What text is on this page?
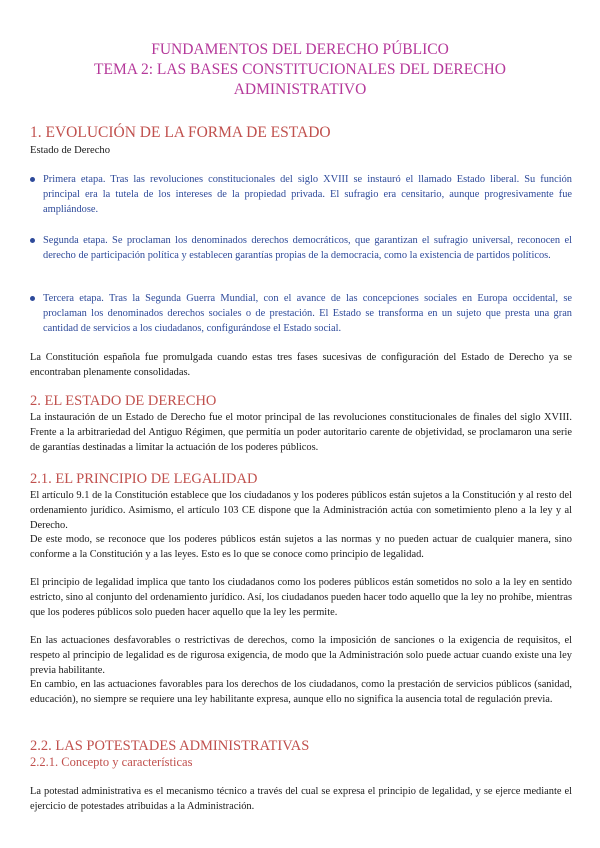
FUNDAMENTOS DEL DERECHO PÚBLICO
TEMA 2: LAS BASES CONSTITUCIONALES DEL DERECHO
ADMINISTRATIVO
1. EVOLUCIÓN DE LA FORMA DE ESTADO
Estado de Derecho
Primera etapa. Tras las revoluciones constitucionales del siglo XVIII se instauró el llamado Estado liberal. Su función principal era la tutela de los intereses de la propiedad privada. El sufragio era censitario, aunque progresivamente fue ampliándose.
Segunda etapa. Se proclaman los denominados derechos democráticos, que garantizan el sufragio universal, reconocen el derecho de participación política y establecen garantías propias de la democracia, como la existencia de partidos políticos.
Tercera etapa. Tras la Segunda Guerra Mundial, con el avance de las concepciones sociales en Europa occidental, se proclaman los denominados derechos sociales o de prestación. El Estado se transforma en un sujeto que presta una gran cantidad de servicios a los ciudadanos, configurándose el Estado social.
La Constitución española fue promulgada cuando estas tres fases sucesivas de configuración del Estado de Derecho ya se encontraban plenamente consolidadas.
2. EL ESTADO DE DERECHO
La instauración de un Estado de Derecho fue el motor principal de las revoluciones constitucionales de finales del siglo XVIII. Frente a la arbitrariedad del Antiguo Régimen, que permitía un poder autoritario carente de objetividad, se proclamaron una serie de garantías destinadas a limitar la actuación de los poderes públicos.
2.1. EL PRINCIPIO DE LEGALIDAD
El artículo 9.1 de la Constitución establece que los ciudadanos y los poderes públicos están sujetos a la Constitución y al resto del ordenamiento jurídico. Asimismo, el artículo 103 CE dispone que la Administración actúa con sometimiento pleno a la ley y al Derecho.
De este modo, se reconoce que los poderes públicos están sujetos a las normas y no pueden actuar de cualquier manera, sino conforme a la Constitución y a las leyes. Esto es lo que se conoce como principio de legalidad.
El principio de legalidad implica que tanto los ciudadanos como los poderes públicos están sometidos no solo a la ley en sentido estricto, sino al conjunto del ordenamiento jurídico. Así, los ciudadanos pueden hacer todo aquello que la ley no prohíbe, mientras que los poderes públicos solo pueden hacer aquello que la ley les permite.
En las actuaciones desfavorables o restrictivas de derechos, como la imposición de sanciones o la exigencia de requisitos, el respeto al principio de legalidad es de rigurosa exigencia, de modo que la Administración solo puede actuar cuando existe una ley previa habilitante.
En cambio, en las actuaciones favorables para los derechos de los ciudadanos, como la prestación de servicios públicos (sanidad, educación), no siempre se requiere una ley habilitante expresa, aunque ello no significa la ausencia total de regulación previa.
2.2. LAS POTESTADES ADMINISTRATIVAS
2.2.1. Concepto y características
La potestad administrativa es el mecanismo técnico a través del cual se expresa el principio de legalidad, y se ejerce mediante el ejercicio de potestades atribuidas a la Administración.
